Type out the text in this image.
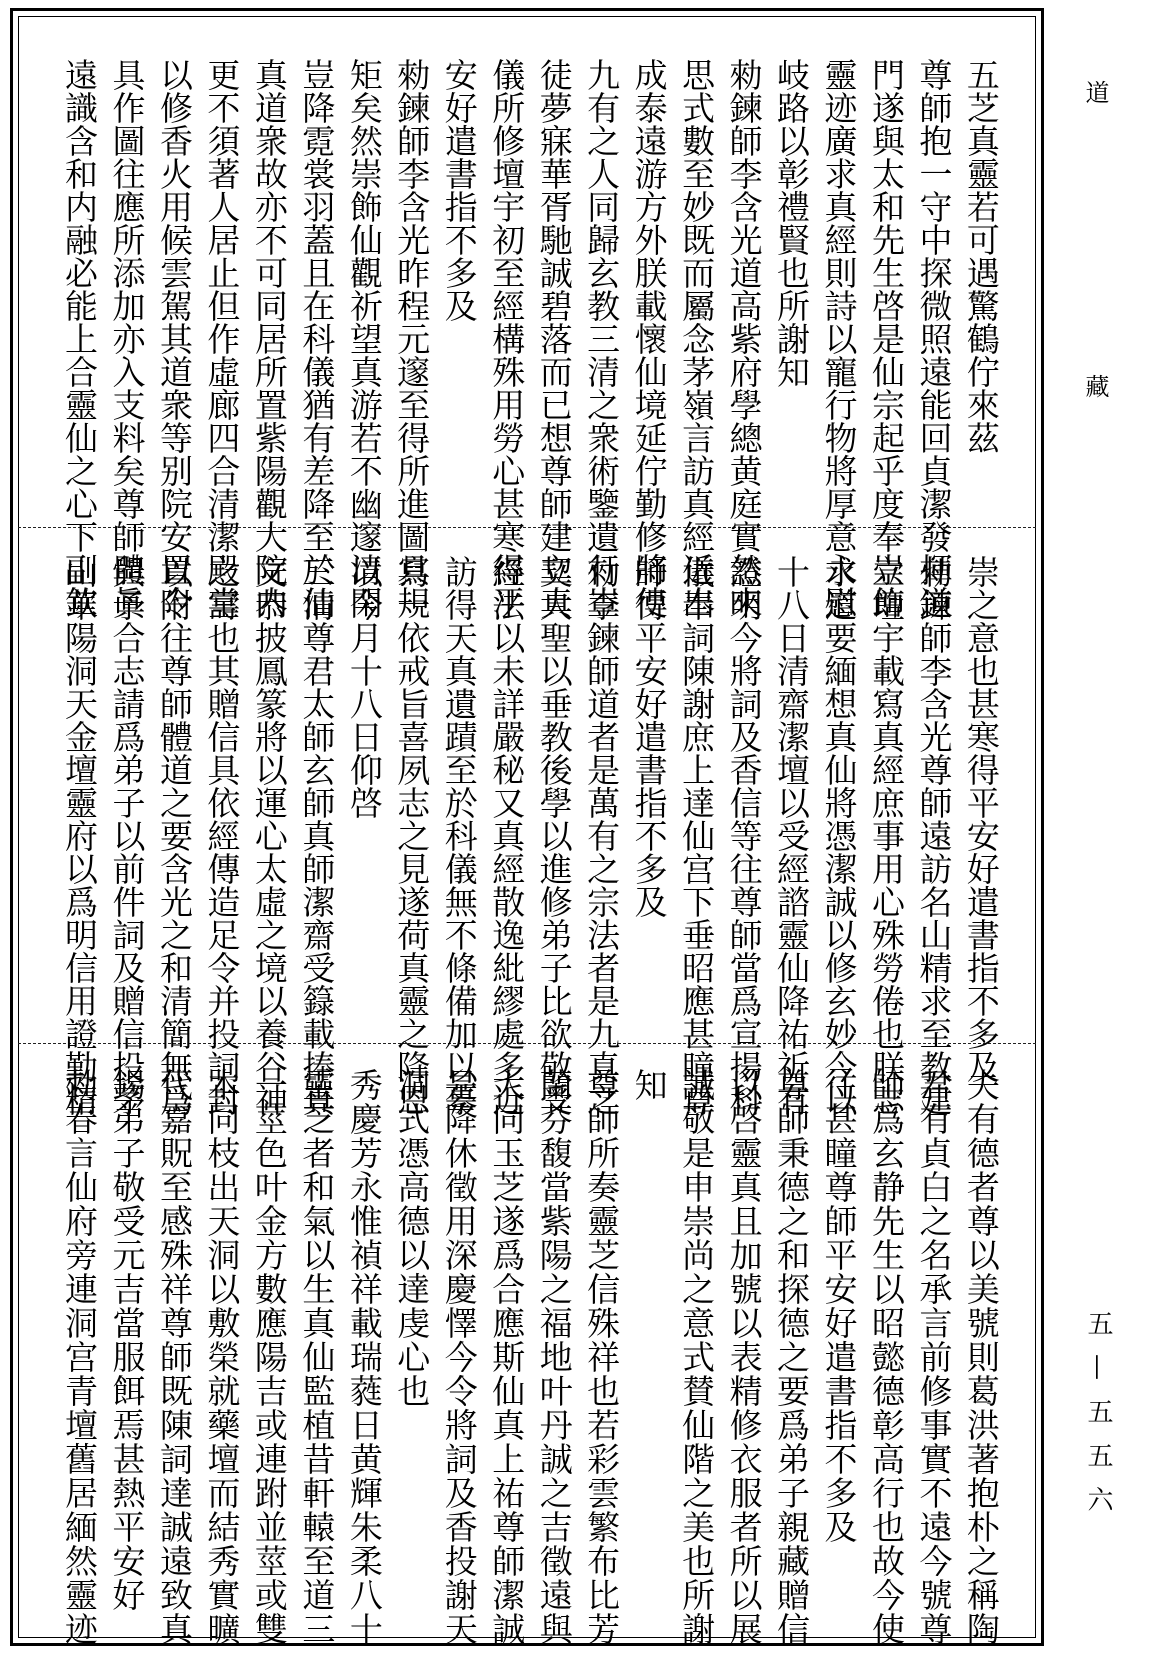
五芝真靈若可遇驚鶴佇來茲
尊師抱一守中探微照遠能回貞潔發揮道
門遂與太和先生啓是仙宗起乎度奉崇飾
靈迹廣求真經則詩以寵行物將厚意永慰
岐路以彰禮賢也所謝知
勑鍊師李含光道高紫府學總黄庭實然來
思式數至妙既而屬念茅嶺言訪真經近出
成泰遠游方外朕載懷仙境延佇勤修將使
九有之人同歸玄教三清之衆術鑒遺行豈
徒夢寐華胥馳誠碧落而已想尊師建立真
儀所修壇宇初至經構殊用勞心甚寒得平
安好遣書指不多及
勑鍊師李含光昨程元邃至得所進圖具規
矩矣然崇飾仙觀祈望真游若不幽邃清閑
豈降霓裳羽蓋且在科儀猶有差降至於仙
真道衆故亦不可同居所置紫陽觀大院内
更不須著人居止但作虛廊四合清潔殿堂
以修香火用候雲駕其道衆等别院安置令
具作圖往應所添加亦入支料矣尊師體眞
遠識含和内融必能上合靈仙之心下副欽
崇之意也甚寒得平安好遣書指不多及
勑鍊師李含光尊師遠訪名山精求至教建
立壇宇載寫真經庶事用心殊勞倦也朕志
求道要緬想真仙將憑潔誠以修玄妙今以
十八日清齋潔壇以受經諮靈仙降祐祈有
證明今將詞及香信等往尊師當爲宣揚科
儀奉詞陳謝庶上達仙宫下垂昭應甚瞳尊
師得平安好遣書指不多及
勑李鍊師道者是萬有之宗法者是九真之
契大聖以垂教後學以進修弟子比欲敬受
經法以未詳嚴秘又真經散逸紕繆處多近
訪得天真遺蹟至於科儀無不條備加以摹
寫一依戒旨喜夙志之見遂荷真靈之降恩
以今月十八日仰啓
三清尊君太師玄師真師潔齋受籙載捧真
文恭披鳳篆將以運心太虛之境以養谷神
之壽也其贈信具依經傳造足令并投詞封
以附往尊師體道之要含光之和清簡無爲
與予合志請爲弟子以前件詞及贈信投茅
山華陽洞天金壇靈府以爲明信用證勤精
夫有德者尊以美號則葛洪著抱朴之稱陶
君有貞白之名承言前修事實不遠今號尊
師爲玄静先生以昭懿德彰高行也故今使
往甚瞳尊師平安好遣書指不多及
尊師秉德之和探德之要爲弟子親藏贈信
以啓靈真且加號以表精修衣服者所以展
誠敬是申崇尚之意式賛仙階之美也所謝
知
尊師所奏靈芝信殊祥也若彩雲繁布比芳
蘭芬馥當紫陽之福地叶丹誠之吉徵遠與
大同玉芝遂爲合應斯仙真上祐尊師潔誠
是降休徵用深慶懌今令將詞及香投謝天
洞式憑高德以達虔心也
秀慶芳永惟禎祥載瑞蕤日黄輝朱柔八十
靈芝者和氣以生真仙監植昔軒轅至道三
一莖色叶金方數應陽吉或連跗並莖或雙
本同枝出天洞以敷榮就藥壇而結秀實曠
代嘉貺至感殊祥尊師既陳詞達誠遠致真
錫弟子敬受元吉當服餌焉甚熱平安好
勑春言仙府旁連洞宫青壇舊居緬然靈迹
道藏
五—五五六
